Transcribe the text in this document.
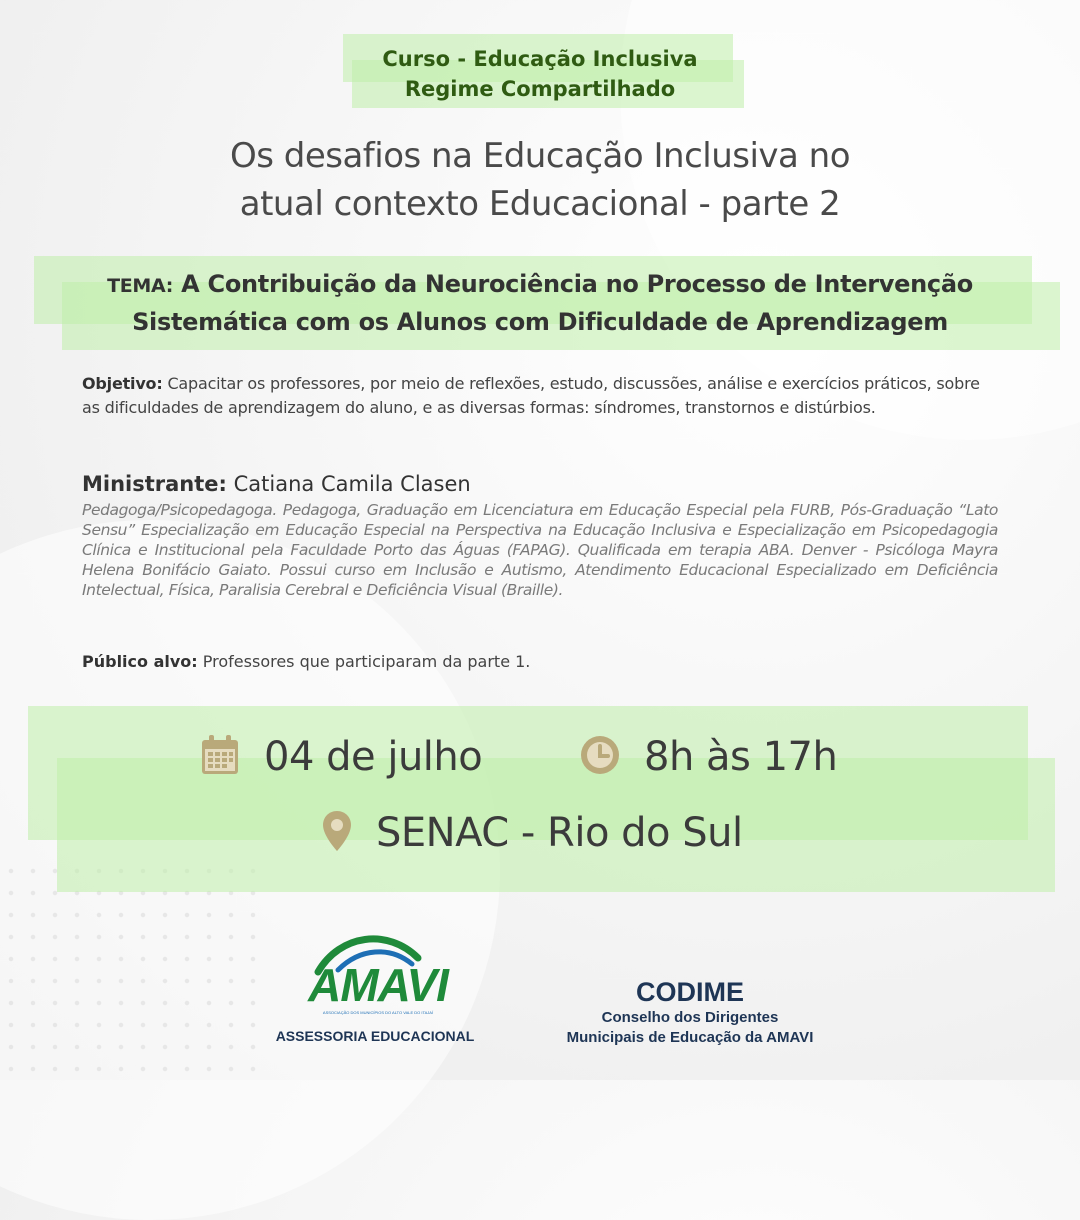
Curso - Educação Inclusiva
Regime Compartilhado
Os desafios na Educação Inclusiva no
atual contexto Educacional - parte 2
TEMA: A Contribuição da Neurociência no Processo de Intervenção
Sistemática com os Alunos com Dificuldade de Aprendizagem
Objetivo: Capacitar os professores, por meio de reflexões, estudo, discussões, análise e exercícios práticos, sobre as dificuldades de aprendizagem do aluno, e as diversas formas: síndromes, transtornos e distúrbios.
Ministrante: Catiana Camila Clasen
Pedagoga/Psicopedagoga. Pedagoga, Graduação em Licenciatura em Educação Especial pela FURB, Pós-Graduação “Lato Sensu” Especialização em Educação Especial na Perspectiva na Educação Inclusiva e Especialização em Psicopedagogia Clínica e Institucional pela Faculdade Porto das Águas (FAPAG). Qualificada em terapia ABA. Denver - Psicóloga Mayra Helena Bonifácio Gaiato. Possui curso em Inclusão e Autismo, Atendimento Educacional Especializado em Deficiência Intelectual, Física, Paralisia Cerebral e Deficiência Visual (Braille).
Público alvo: Professores que participaram da parte 1.
04 de julho	8h às 17h
SENAC - Rio do Sul
AMAVI
ASSOCIAÇÃO DOS MUNICÍPIOS DO ALTO VALE DO ITAJAÍ
ASSESSORIA EDUCACIONAL
CODIME
Conselho dos Dirigentes
Municipais de Educação da AMAVI
